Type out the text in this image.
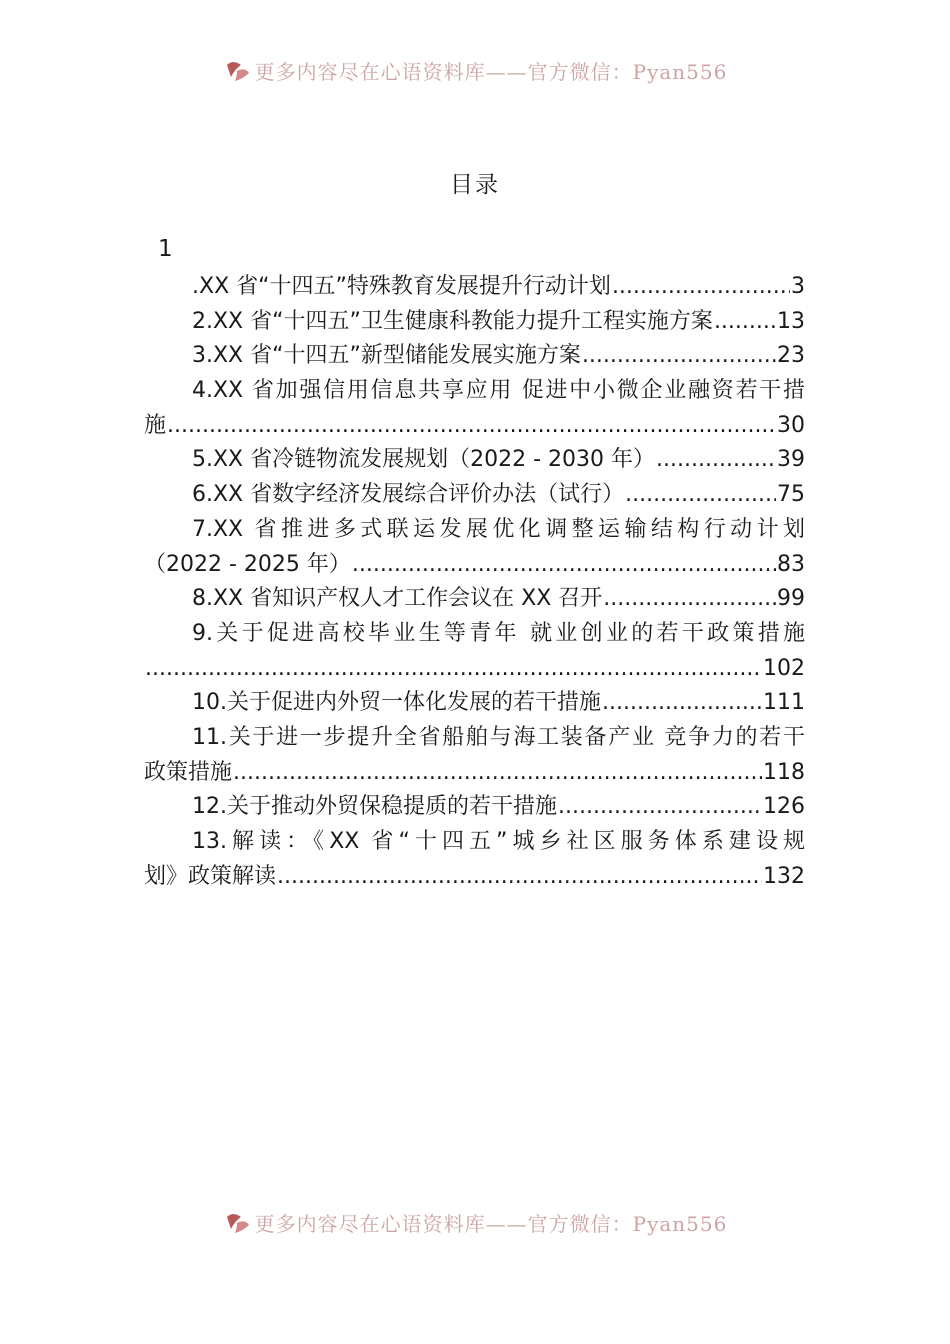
更多内容尽在心语资料库——官方微信：Pyan556
目录
1
.XX 省“十四五”特殊教育发展提升行动计划 .....	3
2.XX 省“十四五”卫生健康科教能力提升工程实施方案 .....	13
3.XX 省“十四五”新型储能发展实施方案 .....	23
4.XX 省加强信用信息共享应用 促进中小微企业融资若干措
施 .....	30
5.XX 省冷链物流发展规划（2022 - 2030 年） .....	39
6.XX 省数字经济发展综合评价办法（试行） .....	75
7.XX 省推进多式联运发展优化调整运输结构行动计划
（2022 - 2025 年） .....	83
8.XX 省知识产权人才工作会议在 XX 召开 .....	99
9.关于促进高校毕业生等青年 就业创业的若干政策措施
.....
102
10.关于促进内外贸一体化发展的若干措施 .....	111
11.关于进一步提升全省船舶与海工装备产业 竞争力的若干
政策措施 .....	118
12.关于推动外贸保稳提质的若干措施 .....	126
13.解读：《XX 省“十四五”城乡社区服务体系建设规
划》政策解读 .....	132
更多内容尽在心语资料库——官方微信：Pyan556
